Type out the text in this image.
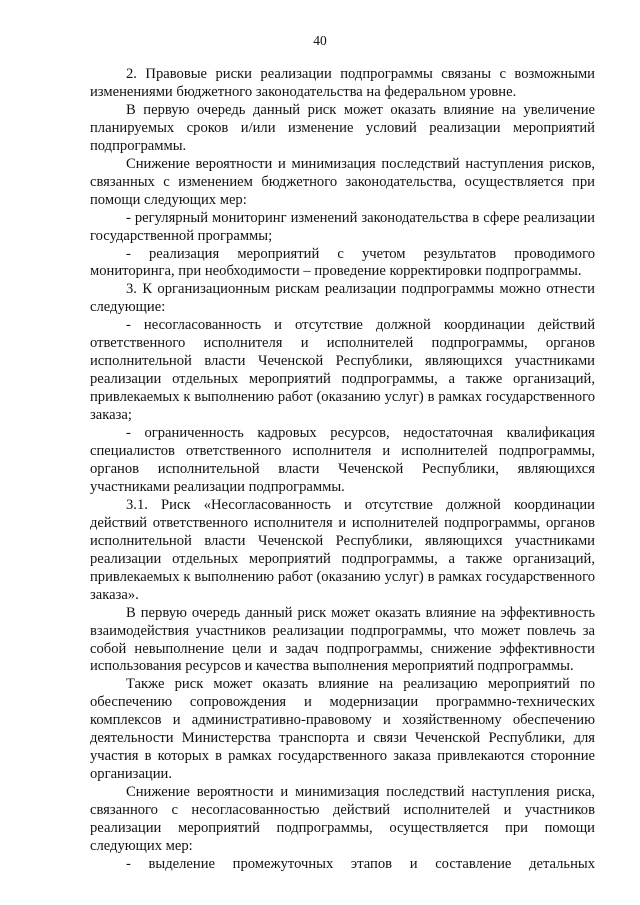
40

2. Правовые риски реализации подпрограммы связаны с возможными изменениями бюджетного законодательства на федеральном уровне.

В первую очередь данный риск может оказать влияние на увеличение планируемых сроков и/или изменение условий реализации мероприятий подпрограммы.

Снижение вероятности и минимизация последствий наступления рисков, связанных с изменением бюджетного законодательства, осуществляется при помощи следующих мер:

- регулярный мониторинг изменений законодательства в сфере реализации государственной программы;

- реализация мероприятий с учетом результатов проводимого мониторинга, при необходимости – проведение корректировки подпрограммы.

3. К организационным рискам реализации подпрограммы можно отнести следующие:

- несогласованность и отсутствие должной координации действий ответственного исполнителя и исполнителей подпрограммы, органов исполнительной власти Чеченской Республики, являющихся участниками реализации отдельных мероприятий подпрограммы, а также организаций, привлекаемых к выполнению работ (оказанию услуг) в рамках государственного заказа;

- ограниченность кадровых ресурсов, недостаточная квалификация специалистов ответственного исполнителя и исполнителей подпрограммы, органов исполнительной власти Чеченской Республики, являющихся участниками реализации подпрограммы.

3.1. Риск «Несогласованность и отсутствие должной координации действий ответственного исполнителя и исполнителей подпрограммы, органов исполнительной власти Чеченской Республики, являющихся участниками реализации отдельных мероприятий подпрограммы, а также организаций, привлекаемых к выполнению работ (оказанию услуг) в рамках государственного заказа».

В первую очередь данный риск может оказать влияние на эффективность взаимодействия участников реализации подпрограммы, что может повлечь за собой невыполнение цели и задач подпрограммы, снижение эффективности использования ресурсов и качества выполнения мероприятий подпрограммы.

Также риск может оказать влияние на реализацию мероприятий по обеспечению сопровождения и модернизации программно-технических комплексов и административно-правовому и хозяйственному обеспечению деятельности Министерства транспорта и связи Чеченской Республики, для участия в которых в рамках государственного заказа привлекаются сторонние организации.

Снижение вероятности и минимизация последствий наступления риска, связанного с несогласованностью действий исполнителей и участников реализации мероприятий подпрограммы, осуществляется при помощи следующих мер:

- выделение промежуточных этапов и составление детальных
